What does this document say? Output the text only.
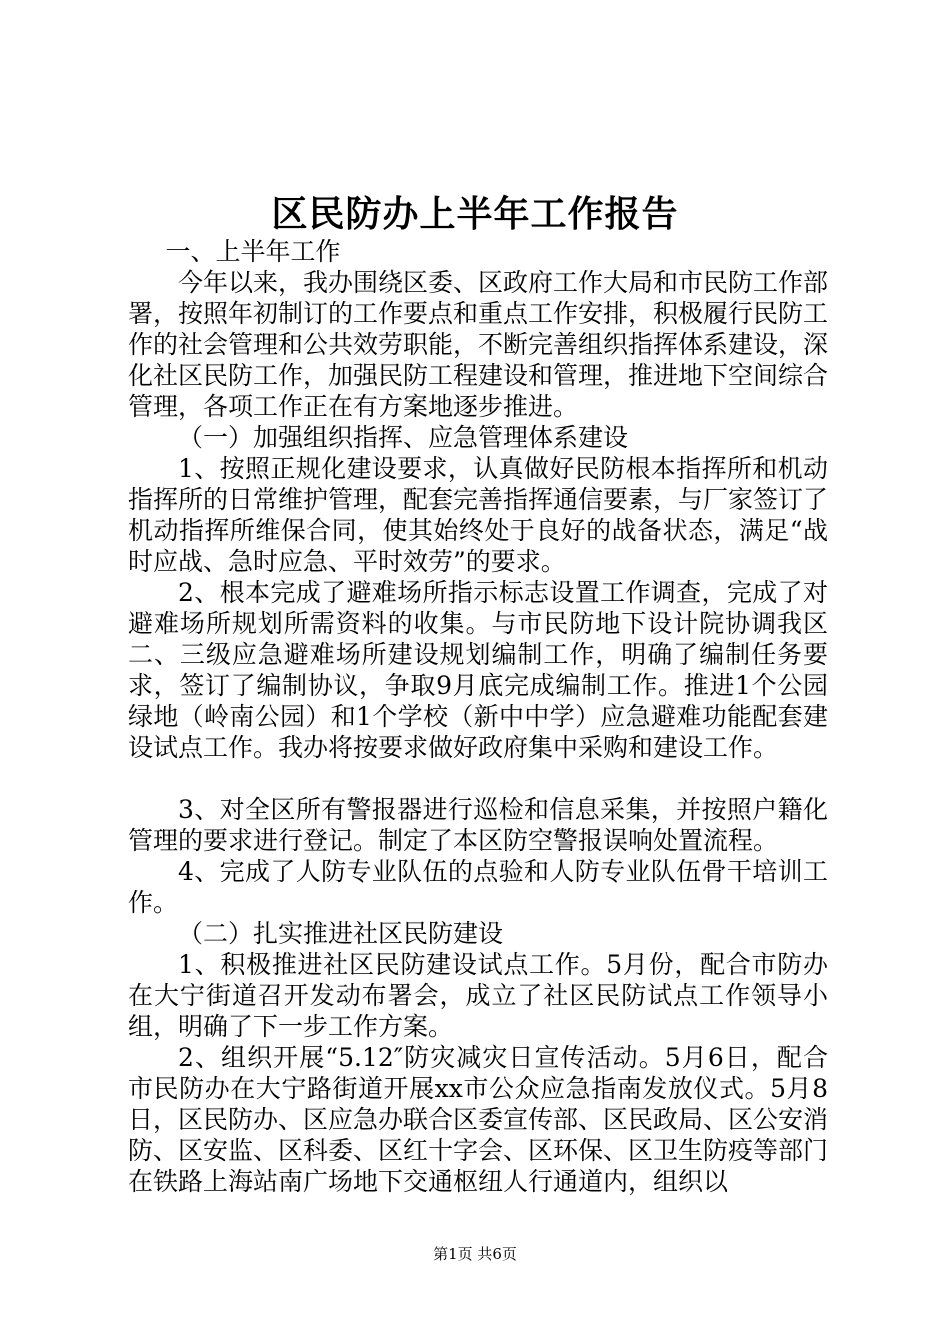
区民防办上半年工作报告

一、上半年工作

今年以来，我办围绕区委、区政府工作大局和市民防工作部署，按照年初制订的工作要点和重点工作安排，积极履行民防工作的社会管理和公共效劳职能，不断完善组织指挥体系建设，深化社区民防工作，加强民防工程建设和管理，推进地下空间综合管理，各项工作正在有方案地逐步推进。

（一）加强组织指挥、应急管理体系建设

1、按照正规化建设要求，认真做好民防根本指挥所和机动指挥所的日常维护管理，配套完善指挥通信要素，与厂家签订了机动指挥所维保合同，使其始终处于良好的战备状态，满足“战时应战、急时应急、平时效劳”的要求。

2、根本完成了避难场所指示标志设置工作调查，完成了对避难场所规划所需资料的收集。与市民防地下设计院协调我区二、三级应急避难场所建设规划编制工作，明确了编制任务要求，签订了编制协议，争取9月底完成编制工作。推进1个公园绿地（岭南公园）和1个学校（新中中学）应急避难功能配套建设试点工作。我办将按要求做好政府集中采购和建设工作。

3、对全区所有警报器进行巡检和信息采集，并按照户籍化管理的要求进行登记。制定了本区防空警报误响处置流程。

4、完成了人防专业队伍的点验和人防专业队伍骨干培训工作。

（二）扎实推进社区民防建设

1、积极推进社区民防建设试点工作。5月份，配合市防办在大宁街道召开发动布署会，成立了社区民防试点工作领导小组，明确了下一步工作方案。

2、组织开展“5.12″防灾减灾日宣传活动。5月6日，配合市民防办在大宁路街道开展xx市公众应急指南发放仪式。5月8日，区民防办、区应急办联合区委宣传部、区民政局、区公安消防、区安监、区科委、区红十字会、区环保、区卫生防疫等部门在铁路上海站南广场地下交通枢纽人行通道内，组织以

第1页 共6页
